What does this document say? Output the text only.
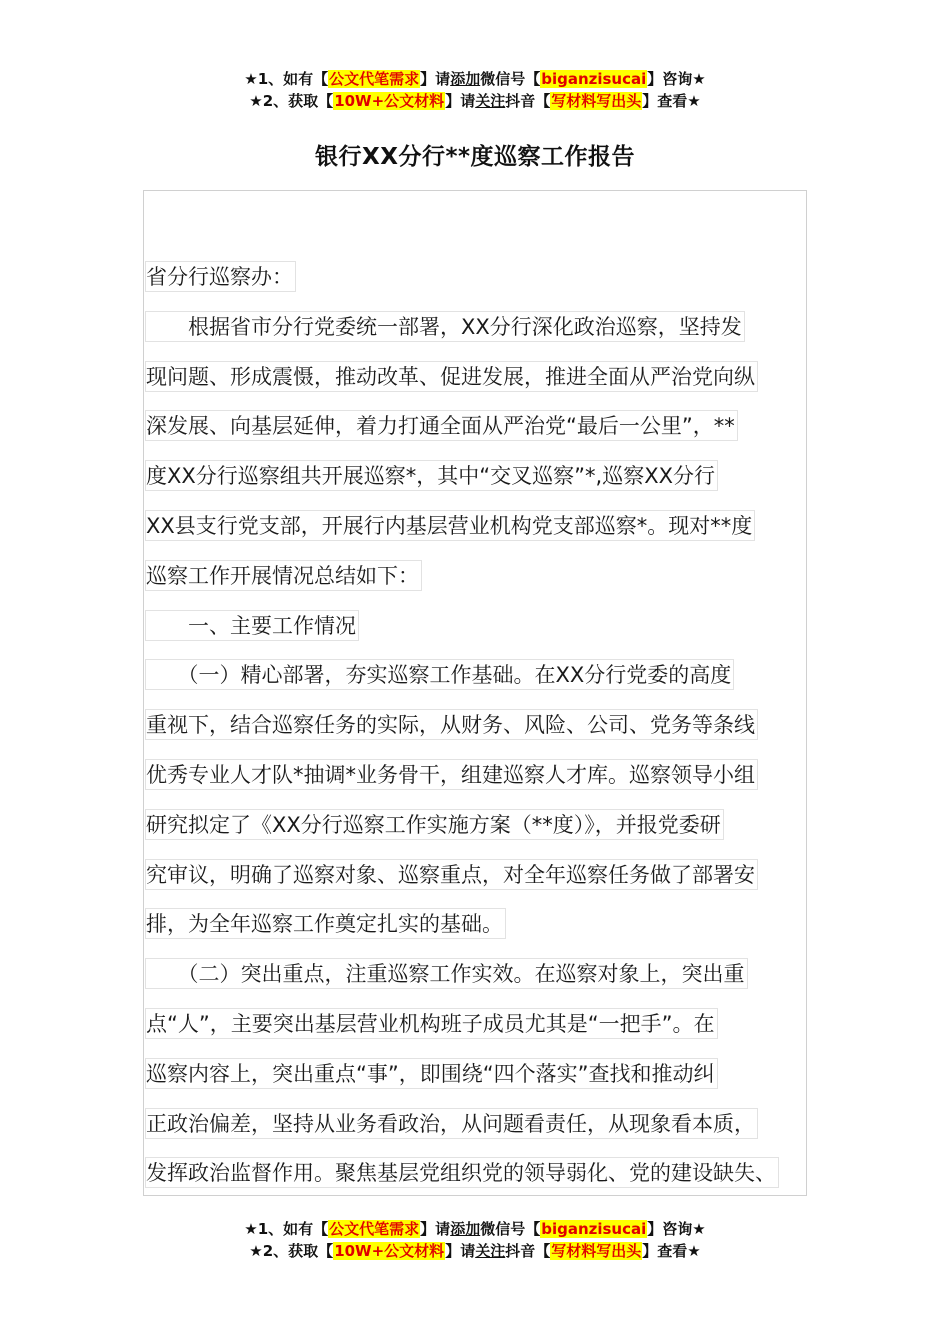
★1、如有【公文代笔需求】请添加微信号【biganzisucai】咨询★
★2、获取【10W+公文材料】请关注抖音【写材料写出头】查看★
银行XX分行**度巡察工作报告
省分行巡察办：
　　根据省市分行党委统一部署，XX分行深化政治巡察，坚持发
现问题、形成震慑，推动改革、促进发展，推进全面从严治党向纵
深发展、向基层延伸，着力打通全面从严治党“最后一公里”，**
度XX分行巡察组共开展巡察*，其中“交叉巡察”*,巡察XX分行
XX县支行党支部，开展行内基层营业机构党支部巡察*。现对**度
巡察工作开展情况总结如下：
　　一、主要工作情况
　　（一）精心部署，夯实巡察工作基础。在XX分行党委的高度
重视下，结合巡察任务的实际，从财务、风险、公司、党务等条线
优秀专业人才队*抽调*业务骨干，组建巡察人才库。巡察领导小组
研究拟定了《XX分行巡察工作实施方案（**度）》，并报党委研
究审议，明确了巡察对象、巡察重点，对全年巡察任务做了部署安
排，为全年巡察工作奠定扎实的基础。
　　（二）突出重点，注重巡察工作实效。在巡察对象上，突出重
点“人”，主要突出基层营业机构班子成员尤其是“一把手”。在
巡察内容上，突出重点“事”，即围绕“四个落实”查找和推动纠
正政治偏差，坚持从业务看政治，从问题看责任，从现象看本质，
发挥政治监督作用。聚焦基层党组织党的领导弱化、党的建设缺失、
★1、如有【公文代笔需求】请添加微信号【biganzisucai】咨询★
★2、获取【10W+公文材料】请关注抖音【写材料写出头】查看★
